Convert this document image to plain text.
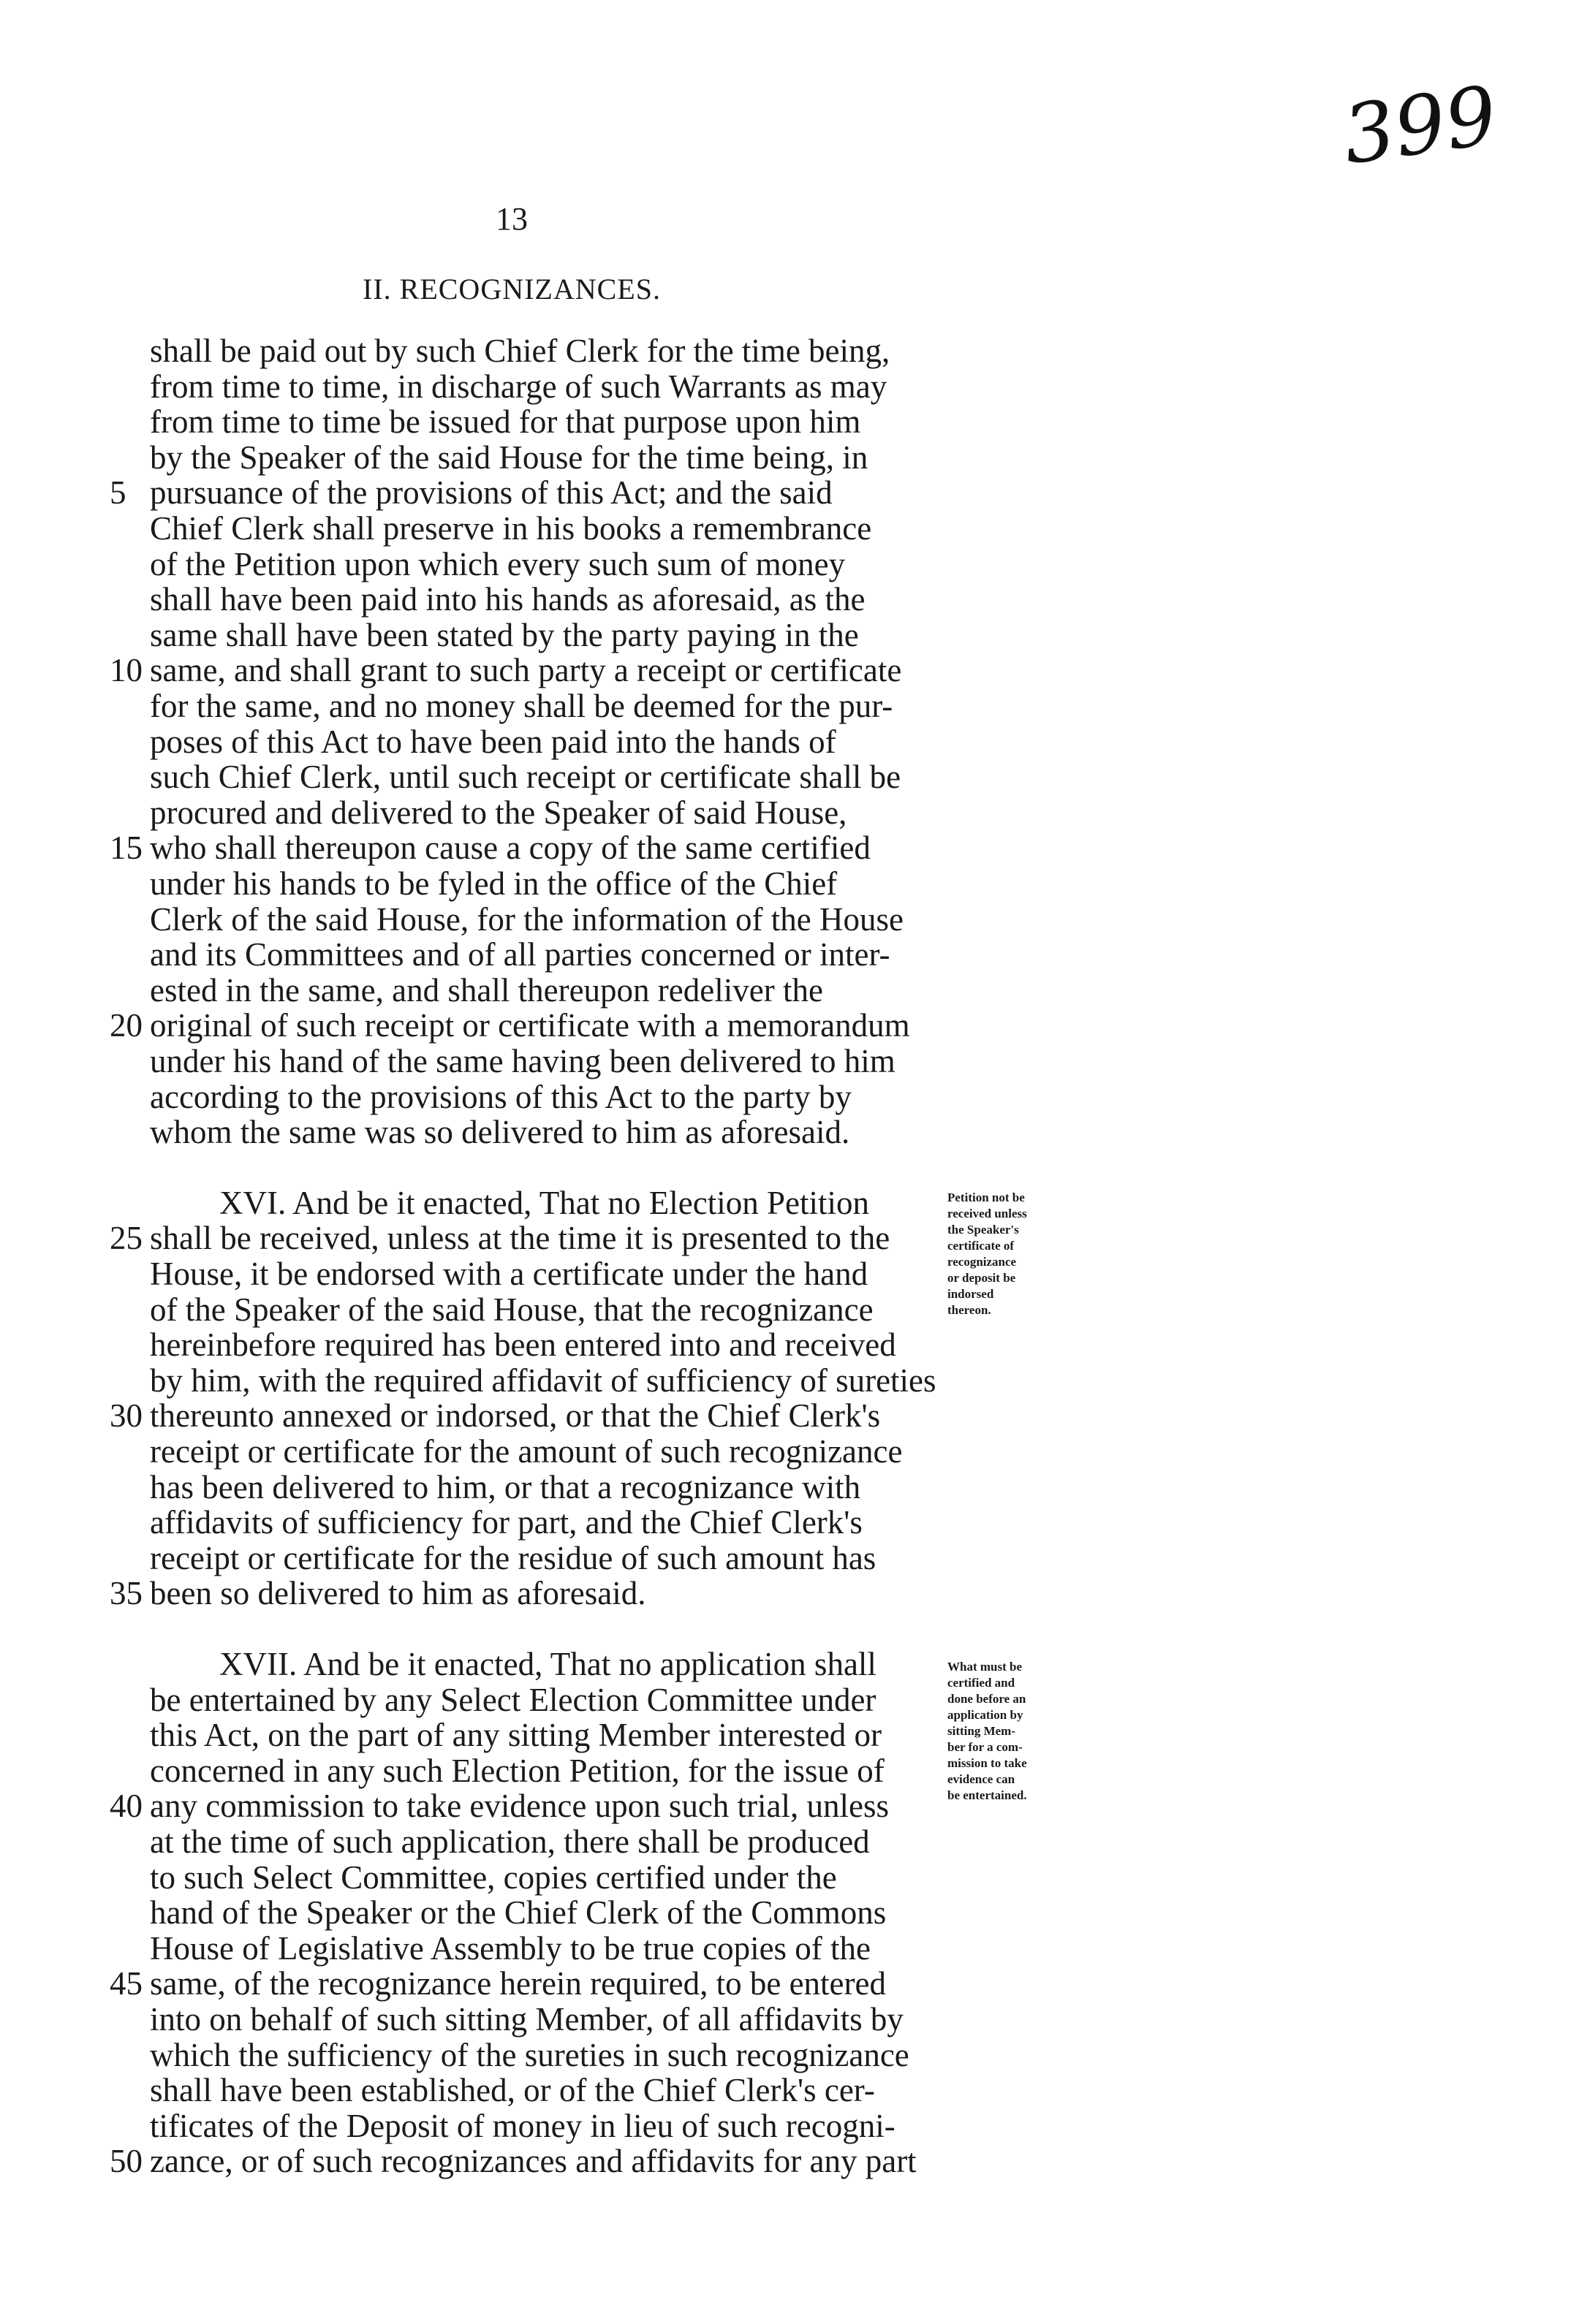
399
13
II. RECOGNIZANCES.
shall be paid out by such Chief Clerk for the time being,
from time to time, in discharge of such Warrants as may
from time to time be issued for that purpose upon him
by the Speaker of the said House for the time being, in
5 pursuance of the provisions of this Act; and the said
Chief Clerk shall preserve in his books a remembrance
of the Petition upon which every such sum of money
shall have been paid into his hands as aforesaid, as the
same shall have been stated by the party paying in the
10 same, and shall grant to such party a receipt or certificate
for the same, and no money shall be deemed for the pur-
poses of this Act to have been paid into the hands of
such Chief Clerk, until such receipt or certificate shall be
procured and delivered to the Speaker of said House,
15 who shall thereupon cause a copy of the same certified
under his hands to be fyled in the office of the Chief
Clerk of the said House, for the information of the House
and its Committees and of all parties concerned or inter-
ested in the same, and shall thereupon redeliver the
20 original of such receipt or certificate with a memorandum
under his hand of the same having been delivered to him
according to the provisions of this Act to the party by
whom the same was so delivered to him as aforesaid.
XVI. And be it enacted, That no Election Petition
25 shall be received, unless at the time it is presented to the
House, it be endorsed with a certificate under the hand
of the Speaker of the said House, that the recognizance
hereinbefore required has been entered into and received
by him, with the required affidavit of sufficiency of sureties
30 thereunto annexed or indorsed, or that the Chief Clerk's
receipt or certificate for the amount of such recognizance
has been delivered to him, or that a recognizance with
affidavits of sufficiency for part, and the Chief Clerk's
receipt or certificate for the residue of such amount has
35 been so delivered to him as aforesaid.
XVII. And be it enacted, That no application shall
be entertained by any Select Election Committee under
this Act, on the part of any sitting Member interested or
concerned in any such Election Petition, for the issue of
40 any commission to take evidence upon such trial, unless
at the time of such application, there shall be produced
to such Select Committee, copies certified under the
hand of the Speaker or the Chief Clerk of the Commons
House of Legislative Assembly to be true copies of the
45 same, of the recognizance herein required, to be entered
into on behalf of such sitting Member, of all affidavits by
which the sufficiency of the sureties in such recognizance
shall have been established, or of the Chief Clerk's cer-
tificates of the Deposit of money in lieu of such recogni-
50 zance, or of such recognizances and affidavits for any part
Petition not be
received unless
the Speaker's
certificate of
recognizance
or deposit be
indorsed
thereon.
What must be
certified and
done before an
application by
sitting Mem-
ber for a com-
mission to take
evidence can
be entertained.
